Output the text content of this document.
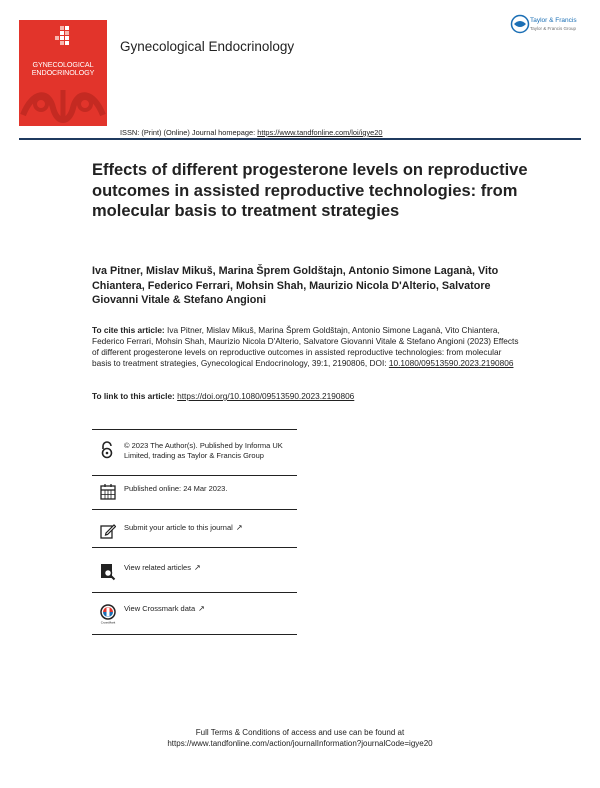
GYNECOLOGICAL
ENDOCRINOLOGY
Gynecological Endocrinology
Taylor & Francis
Taylor & Francis Group
ISSN: (Print) (Online) Journal homepage: https://www.tandfonline.com/loi/igye20
Effects of different progesterone levels on reproductive outcomes in assisted reproductive technologies: from molecular basis to treatment strategies
Iva Pitner, Mislav Mikuš, Marina Šprem Goldštajn, Antonio Simone Laganà, Vito Chiantera, Federico Ferrari, Mohsin Shah, Maurizio Nicola D'Alterio, Salvatore Giovanni Vitale & Stefano Angioni
To cite this article: Iva Pitner, Mislav Mikuš, Marina Šprem Goldštajn, Antonio Simone Laganà, Vito Chiantera, Federico Ferrari, Mohsin Shah, Maurizio Nicola D'Alterio, Salvatore Giovanni Vitale & Stefano Angioni (2023) Effects of different progesterone levels on reproductive outcomes in assisted reproductive technologies: from molecular basis to treatment strategies, Gynecological Endocrinology, 39:1, 2190806, DOI: 10.1080/09513590.2023.2190806
To link to this article: https://doi.org/10.1080/09513590.2023.2190806
© 2023 The Author(s). Published by Informa UK Limited, trading as Taylor & Francis Group
Published online: 24 Mar 2023.
Submit your article to this journal ↗
View related articles ↗
CrossMark
View Crossmark data ↗
Full Terms & Conditions of access and use can be found at
https://www.tandfonline.com/action/journalInformation?journalCode=igye20
